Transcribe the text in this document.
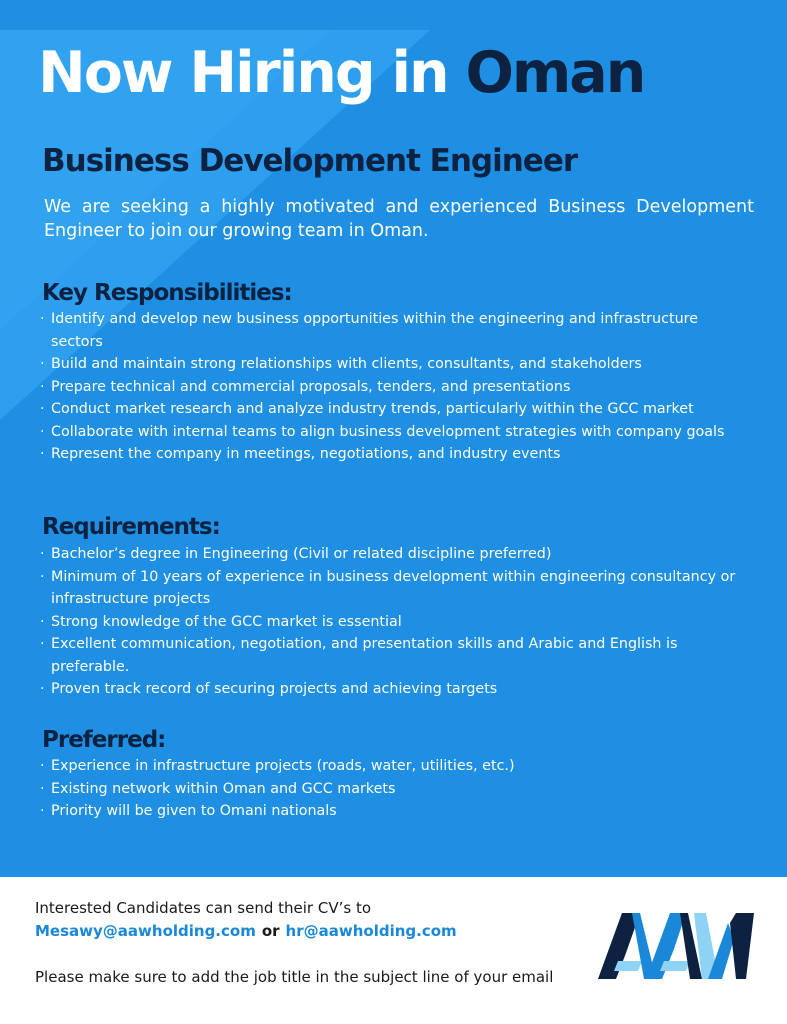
Now Hiring in Oman
Business Development Engineer
We are seeking a highly motivated and experienced Business Development Engineer to join our growing team in Oman.
Key Responsibilities:
· Identify and develop new business opportunities within the engineering and infrastructure sectors
· Build and maintain strong relationships with clients, consultants, and stakeholders
· Prepare technical and commercial proposals, tenders, and presentations
· Conduct market research and analyze industry trends, particularly within the GCC market
· Collaborate with internal teams to align business development strategies with company goals
· Represent the company in meetings, negotiations, and industry events
Requirements:
· Bachelor’s degree in Engineering (Civil or related discipline preferred)
· Minimum of 10 years of experience in business development within engineering consultancy or infrastructure projects
· Strong knowledge of the GCC market is essential
· Excellent communication, negotiation, and presentation skills and Arabic and English is preferable.
· Proven track record of securing projects and achieving targets
Preferred:
· Experience in infrastructure projects (roads, water, utilities, etc.)
· Existing network within Oman and GCC markets
· Priority will be given to Omani nationals
Interested Candidates can send their CV’s to
Mesawy@aawholding.com or hr@aawholding.com
Please make sure to add the job title in the subject line of your email
